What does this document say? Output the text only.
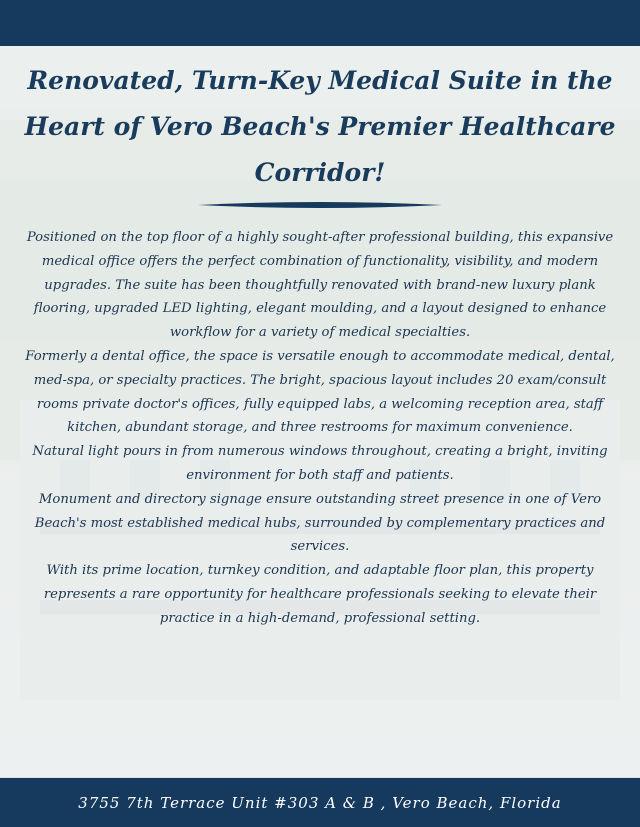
Renovated, Turn-Key Medical Suite in the Heart of Vero Beach's Premier Healthcare Corridor!

Positioned on the top floor of a highly sought-after professional building, this expansive medical office offers the perfect combination of functionality, visibility, and modern upgrades. The suite has been thoughtfully renovated with brand-new luxury plank flooring, upgraded LED lighting, elegant moulding, and a layout designed to enhance workflow for a variety of medical specialties.

Formerly a dental office, the space is versatile enough to accommodate medical, dental, med-spa, or specialty practices. The bright, spacious layout includes 20 exam/consult rooms private doctor's offices, fully equipped labs, a welcoming reception area, staff kitchen, abundant storage, and three restrooms for maximum convenience.

Natural light pours in from numerous windows throughout, creating a bright, inviting environment for both staff and patients.

Monument and directory signage ensure outstanding street presence in one of Vero Beach's most established medical hubs, surrounded by complementary practices and services.

With its prime location, turnkey condition, and adaptable floor plan, this property represents a rare opportunity for healthcare professionals seeking to elevate their practice in a high-demand, professional setting.

3755 7th Terrace Unit #303 A & B , Vero Beach, Florida
